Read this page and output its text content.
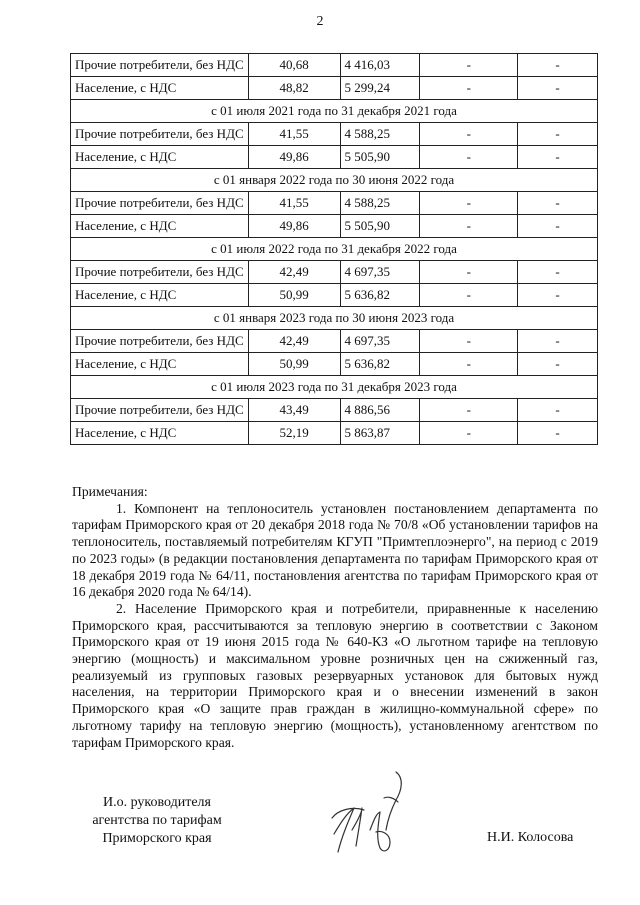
2
Прочие потребители, без НДС	40,68	4 416,03	-	-
Население, с НДС	48,82	5 299,24	-	-
с 01 июля 2021 года по 31 декабря 2021 года				
Прочие потребители, без НДС	41,55	4 588,25	-	-
Население, с НДС	49,86	5 505,90	-	-
с 01 января 2022 года по 30 июня 2022 года				
Прочие потребители, без НДС	41,55	4 588,25	-	-
Население, с НДС	49,86	5 505,90	-	-
с 01 июля 2022 года по 31 декабря 2022 года				
Прочие потребители, без НДС	42,49	4 697,35	-	-
Население, с НДС	50,99	5 636,82	-	-
с 01 января 2023 года по 30 июня 2023 года				
Прочие потребители, без НДС	42,49	4 697,35	-	-
Население, с НДС	50,99	5 636,82	-	-
с 01 июля 2023 года по 31 декабря 2023 года				
Прочие потребители, без НДС	43,49	4 886,56	-	-
Население, с НДС	52,19	5 863,87	-	-

Примечания:

1. Компонент на теплоноситель установлен постановлением департамента по тарифам Приморского края от 20 декабря 2018 года № 70/8 «Об установлении тарифов на теплоноситель, поставляемый потребителям КГУП "Примтеплоэнерго", на период с 2019 по 2023 годы» (в редакции постановления департамента по тарифам Приморского края от 18 декабря 2019 года № 64/11, постановления агентства по тарифам Приморского края от 16 декабря 2020 года № 64/14).

2. Население Приморского края и потребители, приравненные к населению Приморского края, рассчитываются за тепловую энергию в соответствии с Законом Приморского края от 19 июня 2015 года № 640-КЗ «О льготном тарифе на тепловую энергию (мощность) и максимальном уровне розничных цен на сжиженный газ, реализуемый из групповых газовых резервуарных установок для бытовых нужд населения, на территории Приморского края и о внесении изменений в закон Приморского края «О защите прав граждан в жилищно-коммунальной сфере» по льготному тарифу на тепловую энергию (мощность), установленному агентством по тарифам Приморского края.

И.о. руководителя
агентства по тарифам
Приморского края	Н.И. Колосова
